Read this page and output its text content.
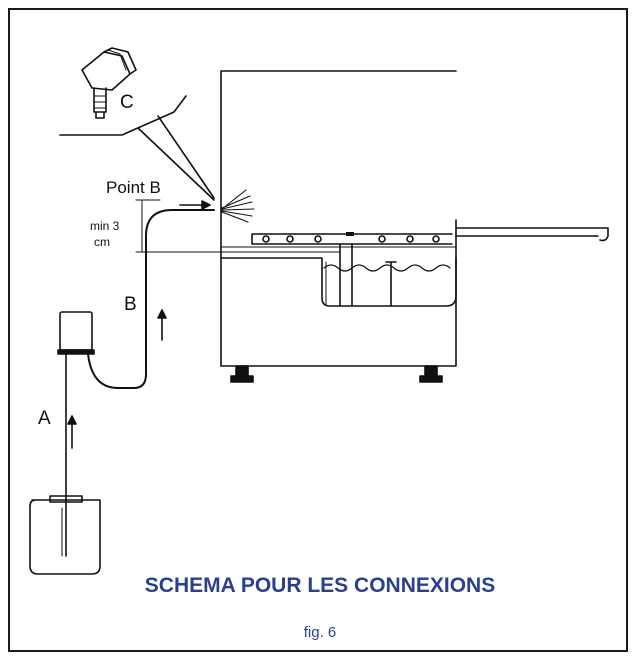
C
Point B
min 3
cm
B
A
SCHEMA POUR LES CONNEXIONS
fig. 6
